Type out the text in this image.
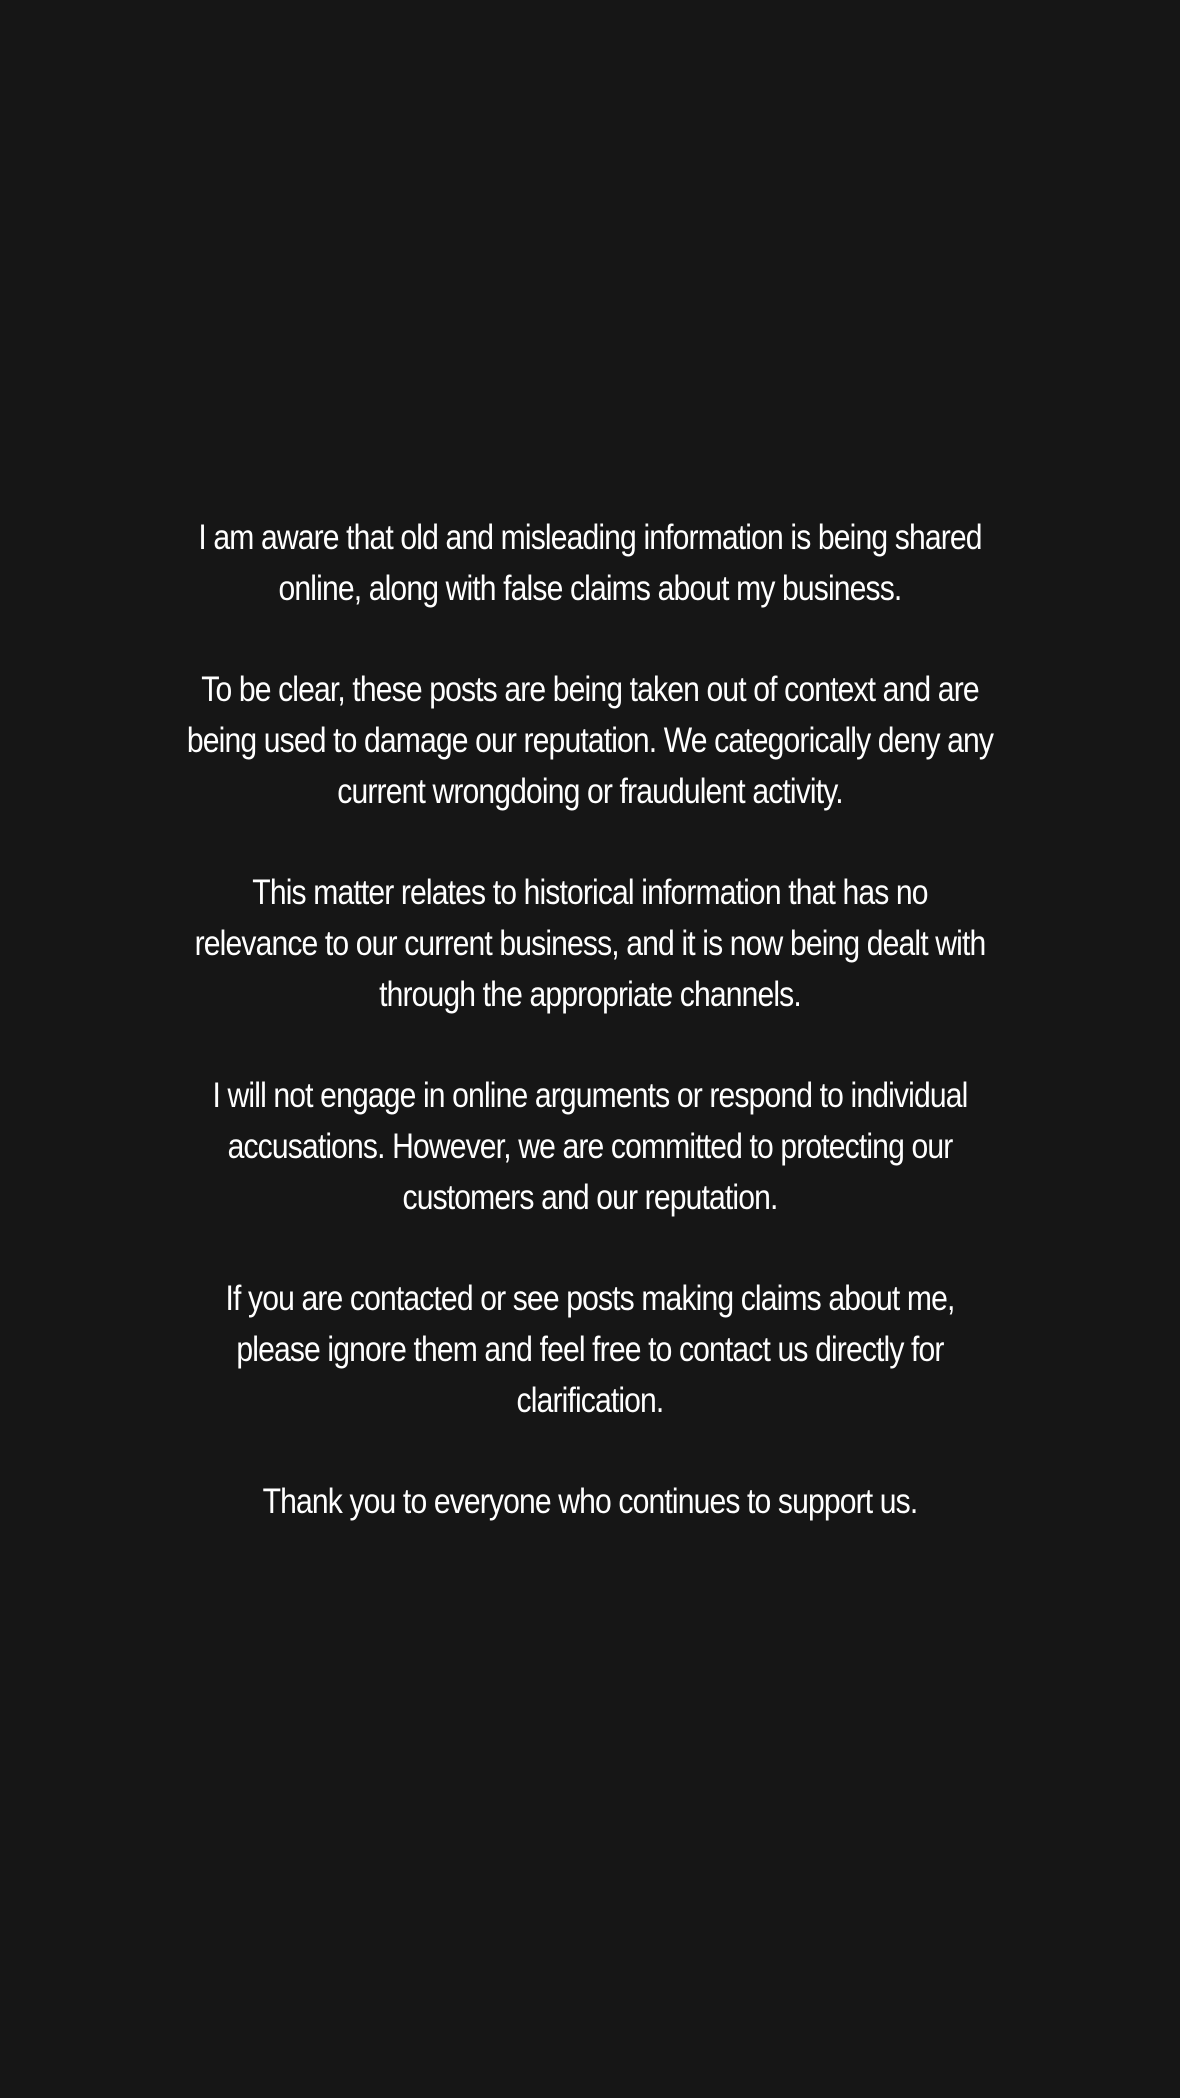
I am aware that old and misleading information is being shared
online, along with false claims about my business.

To be clear, these posts are being taken out of context and are
being used to damage our reputation. We categorically deny any
current wrongdoing or fraudulent activity.

This matter relates to historical information that has no
relevance to our current business, and it is now being dealt with
through the appropriate channels.

I will not engage in online arguments or respond to individual
accusations. However, we are committed to protecting our
customers and our reputation.

If you are contacted or see posts making claims about me,
please ignore them and feel free to contact us directly for
clarification.

Thank you to everyone who continues to support us.
